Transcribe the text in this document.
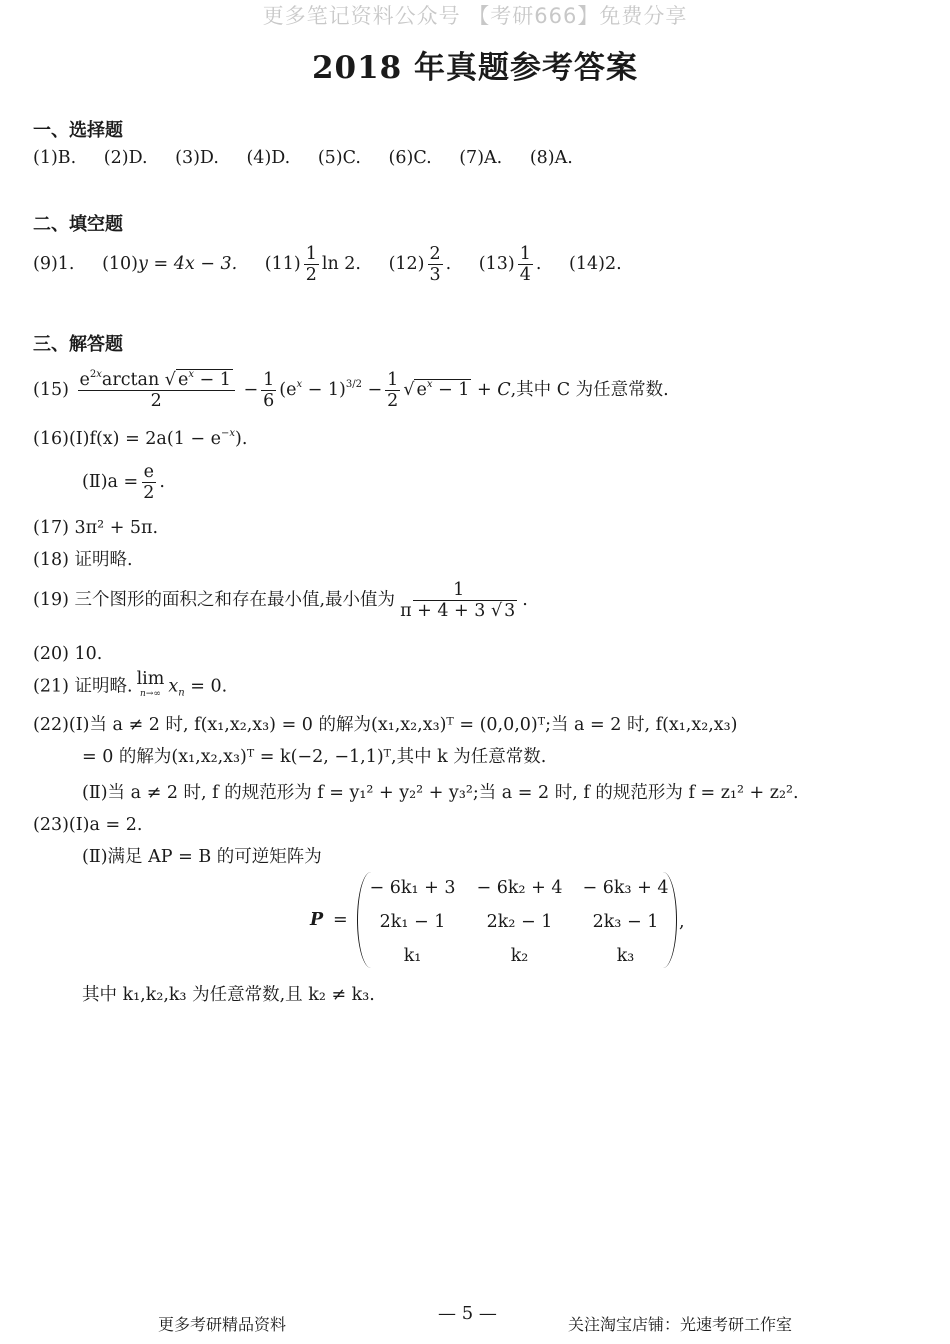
更多笔记资料公众号 【考研666】免费分享
2018 年真题参考答案
一、选择题
(1)B. (2)D. (3)D. (4)D. (5)C. (6)C. (7)A. (8)A.
二、填空题
(9)1. (10)y = 4x − 3. $(11) \frac{1}{2}$ ln 2. $(12) \frac{2}{3}$ . $(13) \frac{1}{4}$ . (14)2.
三、解答题
$(15) \frac{e^{2x}\arctan √ e^x - 1}{2} - \frac{1}{6} (e^x - 1)^{3/2} - \frac{1}{2}$ √ $e^x - 1 + C$,其中 C 为任意常数.
(16)(Ⅰ)f(x) = $2a(1 - e^{-x})$.
(Ⅱ)a = $\frac{e}{2}$ .
(17) 3π² + 5π.
(18) 证明略.
(19) 三个图形的面积之和存在最小值,最小值为 $\frac{1}{\pi + 4 + 3 √ 3}$ .
(20) 10.
(21) 证明略. lim
n→∞ $x_n = 0$.
(22)(Ⅰ)当 a ≠ 2 时, f(x₁,x₂,x₃) = 0 的解为(x₁,x₂,x₃)ᵀ = (0,0,0)ᵀ;当 a = 2 时, f(x₁,x₂,x₃)
= 0 的解为(x₁,x₂,x₃)ᵀ = k(−2, −1,1)ᵀ,其中 k 为任意常数.
(Ⅱ)当 a ≠ 2 时, f 的规范形为 f = y₁² + y₂² + y₃²;当 a = 2 时, f 的规范形为 f = z₁² + z₂².
(23)(Ⅰ)a = 2.
(Ⅱ)满足 AP = B 的可逆矩阵为
P =
− 6k₁ + 3	− 6k₂ + 4	− 6k₃ + 4
2k₁ − 1	2k₂ − 1	2k₃ − 1
k₁	k₂	k₃
,
其中 k₁,k₂,k₃ 为任意常数,且 k₂ ≠ k₃.
更多考研精品资料
— 5 —
关注淘宝店铺：光速考研工作室
